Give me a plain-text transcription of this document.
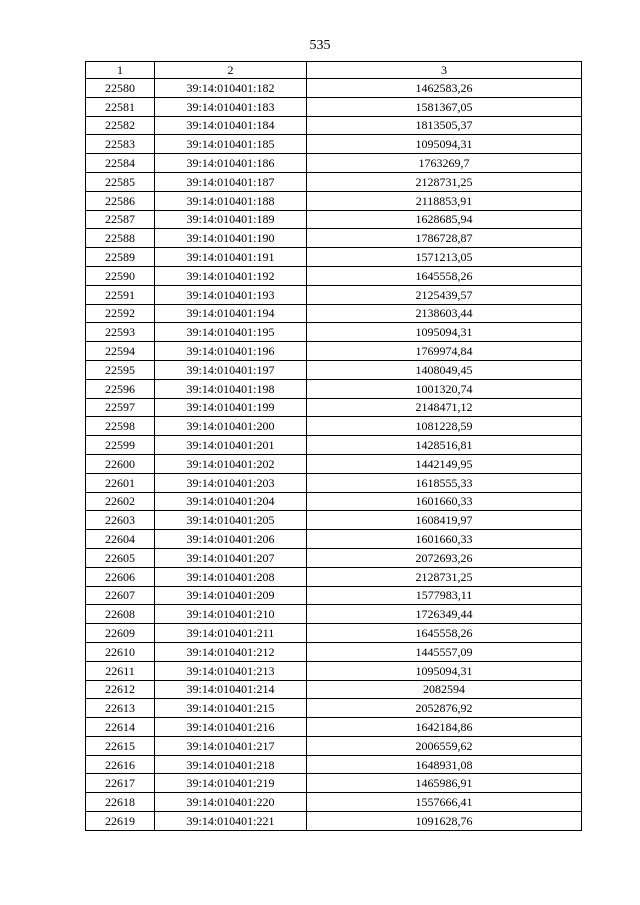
535
1	2	3
22580	39:14:010401:182	1462583,26
22581	39:14:010401:183	1581367,05
22582	39:14:010401:184	1813505,37
22583	39:14:010401:185	1095094,31
22584	39:14:010401:186	1763269,7
22585	39:14:010401:187	2128731,25
22586	39:14:010401:188	2118853,91
22587	39:14:010401:189	1628685,94
22588	39:14:010401:190	1786728,87
22589	39:14:010401:191	1571213,05
22590	39:14:010401:192	1645558,26
22591	39:14:010401:193	2125439,57
22592	39:14:010401:194	2138603,44
22593	39:14:010401:195	1095094,31
22594	39:14:010401:196	1769974,84
22595	39:14:010401:197	1408049,45
22596	39:14:010401:198	1001320,74
22597	39:14:010401:199	2148471,12
22598	39:14:010401:200	1081228,59
22599	39:14:010401:201	1428516,81
22600	39:14:010401:202	1442149,95
22601	39:14:010401:203	1618555,33
22602	39:14:010401:204	1601660,33
22603	39:14:010401:205	1608419,97
22604	39:14:010401:206	1601660,33
22605	39:14:010401:207	2072693,26
22606	39:14:010401:208	2128731,25
22607	39:14:010401:209	1577983,11
22608	39:14:010401:210	1726349,44
22609	39:14:010401:211	1645558,26
22610	39:14:010401:212	1445557,09
22611	39:14:010401:213	1095094,31
22612	39:14:010401:214	2082594
22613	39:14:010401:215	2052876,92
22614	39:14:010401:216	1642184,86
22615	39:14:010401:217	2006559,62
22616	39:14:010401:218	1648931,08
22617	39:14:010401:219	1465986,91
22618	39:14:010401:220	1557666,41
22619	39:14:010401:221	1091628,76
